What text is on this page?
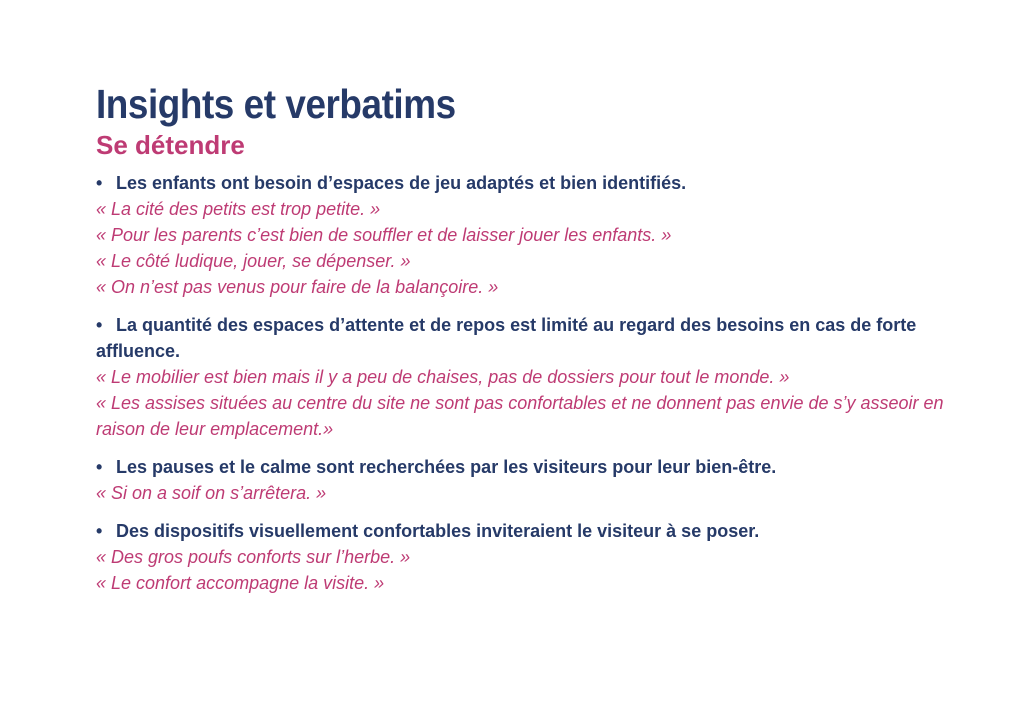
Insights et verbatims
Se détendre

• Les enfants ont besoin d’espaces de jeu adaptés et bien identifiés.

« La cité des petits est trop petite. »

« Pour les parents c’est bien de souffler et de laisser jouer les enfants. »

« Le côté ludique, jouer, se dépenser. »

« On n’est pas venus pour faire de la balançoire. »

• La quantité des espaces d’attente et de repos est limité au regard des besoins en cas de forte affluence.

« Le mobilier est bien mais il y a peu de chaises, pas de dossiers pour tout le monde. »

« Les assises situées au centre du site ne sont pas confortables et ne donnent pas envie de s’y asseoir en raison de leur emplacement.»

• Les pauses et le calme sont recherchées par les visiteurs pour leur bien-être.

« Si on a soif on s’arrêtera. »

• Des dispositifs visuellement confortables inviteraient le visiteur à se poser.

« Des gros poufs conforts sur l’herbe. »

« Le confort accompagne la visite. »
